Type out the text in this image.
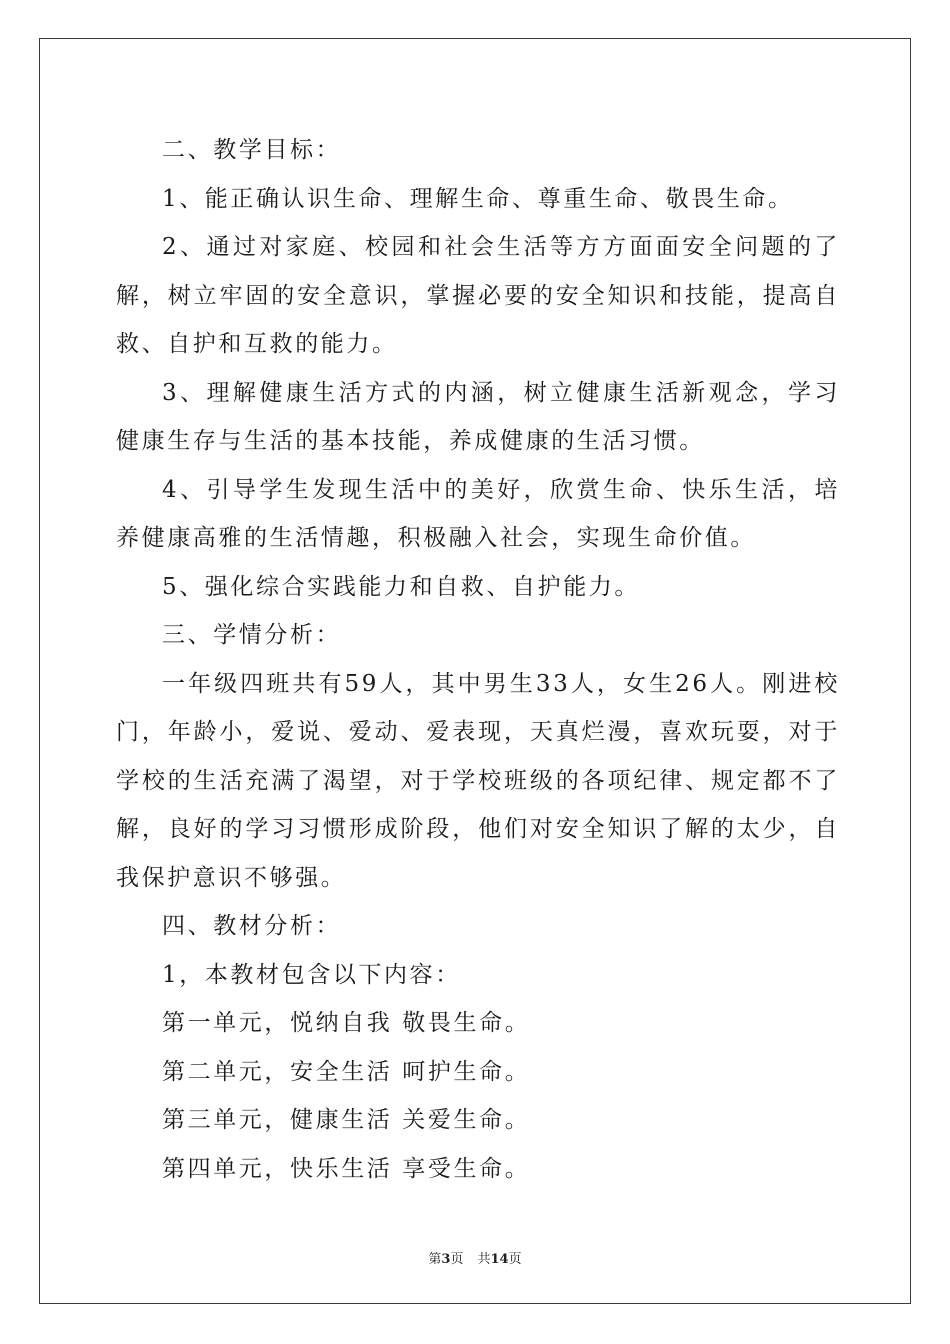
二、教学目标：

1、能正确认识生命、理解生命、尊重生命、敬畏生命。

2、通过对家庭、校园和社会生活等方方面面安全问题的了解，树立牢固的安全意识，掌握必要的安全知识和技能，提高自救、自护和互救的能力。

3、理解健康生活方式的内涵，树立健康生活新观念，学习健康生存与生活的基本技能，养成健康的生活习惯。

4、引导学生发现生活中的美好，欣赏生命、快乐生活，培养健康高雅的生活情趣，积极融入社会，实现生命价值。

5、强化综合实践能力和自救、自护能力。

三、学情分析：

一年级四班共有59人，其中男生33人，女生26人。刚进校门，年龄小，爱说、爱动、爱表现，天真烂漫，喜欢玩耍，对于学校的生活充满了渴望，对于学校班级的各项纪律、规定都不了解，良好的学习习惯形成阶段，他们对安全知识了解的太少，自我保护意识不够强。

四、教材分析：

1，本教材包含以下内容：

第一单元，悦纳自我 敬畏生命。

第二单元，安全生活 呵护生命。

第三单元，健康生活 关爱生命。

第四单元，快乐生活 享受生命。

第3页 共14页
